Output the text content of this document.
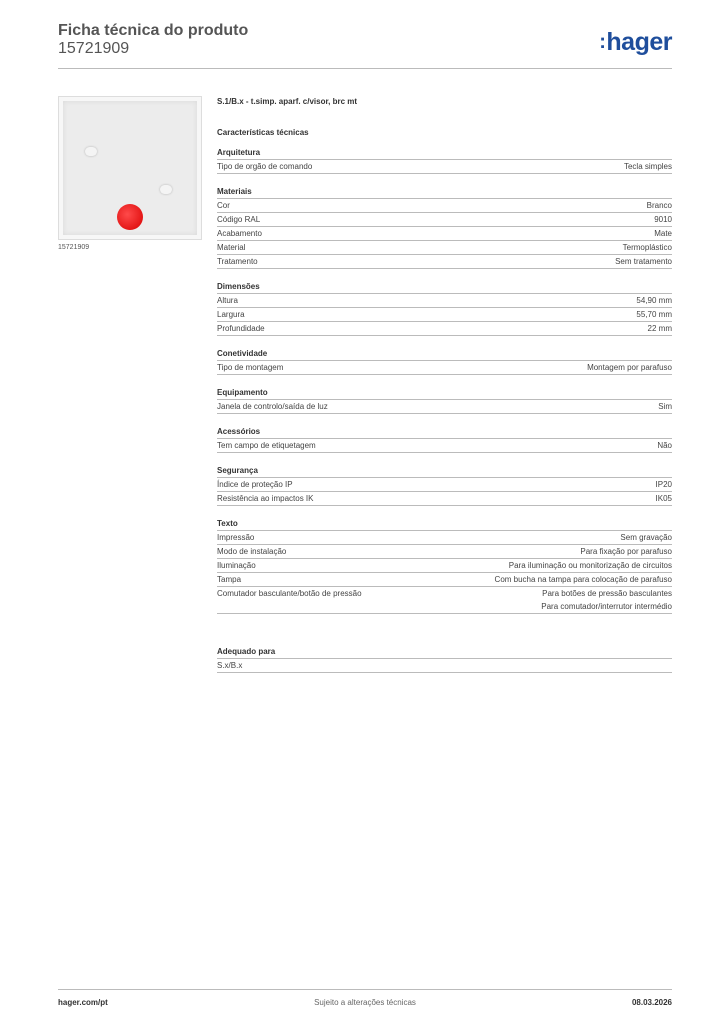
Ficha técnica do produto
15721909	:hager
15721909
S.1/B.x - t.simp. aparf. c/visor, brc mt
Características técnicas
Arquitetura
Tipo de orgão de comando	Tecla simples
Materiais
Cor	Branco
Código RAL	9010
Acabamento	Mate
Material	Termoplástico
Tratamento	Sem tratamento
Dimensões
Altura	54,90 mm
Largura	55,70 mm
Profundidade	22 mm
Conetividade
Tipo de montagem	Montagem por parafuso
Equipamento
Janela de controlo/saída de luz	Sim
Acessórios
Tem campo de etiquetagem	Não
Segurança
Índice de proteção IP	IP20
Resistência ao impactos IK	IK05
Texto
Impressão	Sem gravação
Modo de instalação	Para fixação por parafuso
Iluminação	Para iluminação ou monitorização de circuitos
Tampa	Com bucha na tampa para colocação de parafuso
Comutador basculante/botão de pressão	Para botões de pressão basculantes
Para comutador/interrutor intermédio
Adequado para
S.x/B.x
hager.com/pt	Sujeito a alterações técnicas	08.03.2026
